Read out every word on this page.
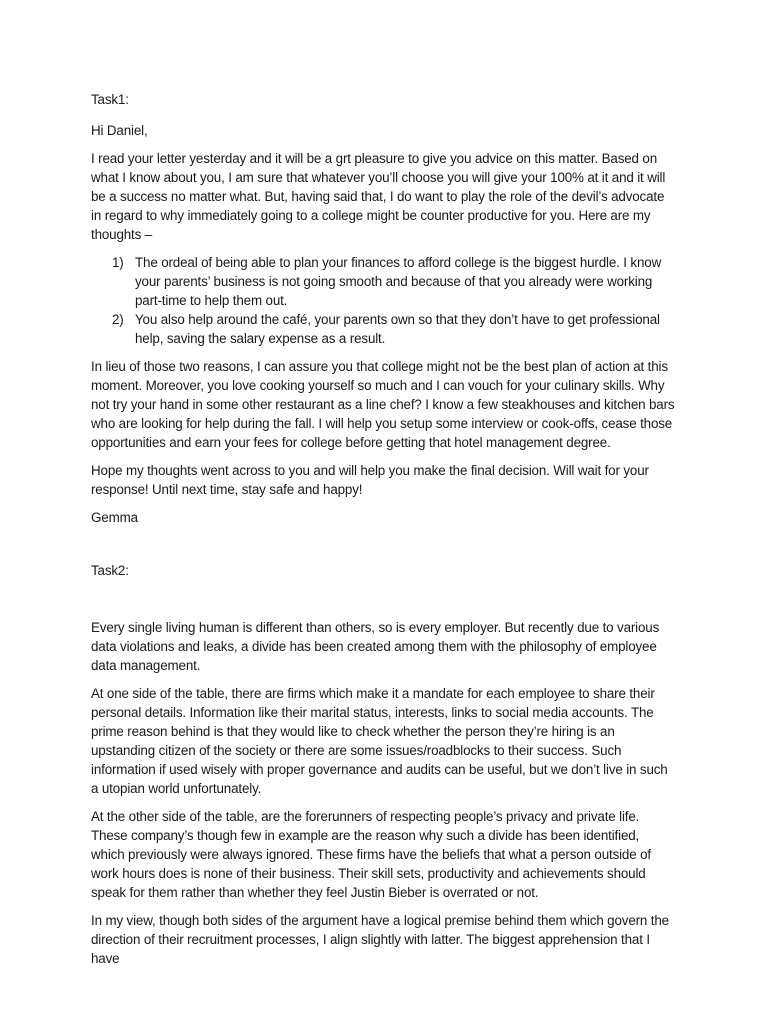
Task1:

Hi Daniel,

I read your letter yesterday and it will be a grt pleasure to give you advice on this matter. Based on what I know about you, I am sure that whatever you’ll choose you will give your 100% at it and it will be a success no matter what. But, having said that, I do want to play the role of the devil’s advocate in regard to why immediately going to a college might be counter productive for you. Here are my thoughts –

1) The ordeal of being able to plan your finances to afford college is the biggest hurdle. I know your parents’ business is not going smooth and because of that you already were working part-time to help them out.
2) You also help around the café, your parents own so that they don’t have to get professional help, saving the salary expense as a result.

In lieu of those two reasons, I can assure you that college might not be the best plan of action at this moment. Moreover, you love cooking yourself so much and I can vouch for your culinary skills. Why not try your hand in some other restaurant as a line chef? I know a few steakhouses and kitchen bars who are looking for help during the fall. I will help you setup some interview or cook-offs, cease those opportunities and earn your fees for college before getting that hotel management degree.

Hope my thoughts went across to you and will help you make the final decision. Will wait for your response! Until next time, stay safe and happy!

Gemma

Task2:

Every single living human is different than others, so is every employer. But recently due to various data violations and leaks, a divide has been created among them with the philosophy of employee data management.

At one side of the table, there are firms which make it a mandate for each employee to share their personal details. Information like their marital status, interests, links to social media accounts. The prime reason behind is that they would like to check whether the person they’re hiring is an upstanding citizen of the society or there are some issues/roadblocks to their success. Such information if used wisely with proper governance and audits can be useful, but we don’t live in such a utopian world unfortunately.

At the other side of the table, are the forerunners of respecting people’s privacy and private life. These company’s though few in example are the reason why such a divide has been identified, which previously were always ignored. These firms have the beliefs that what a person outside of work hours does is none of their business. Their skill sets, productivity and achievements should speak for them rather than whether they feel Justin Bieber is overrated or not.

In my view, though both sides of the argument have a logical premise behind them which govern the direction of their recruitment processes, I align slightly with latter. The biggest apprehension that I have
